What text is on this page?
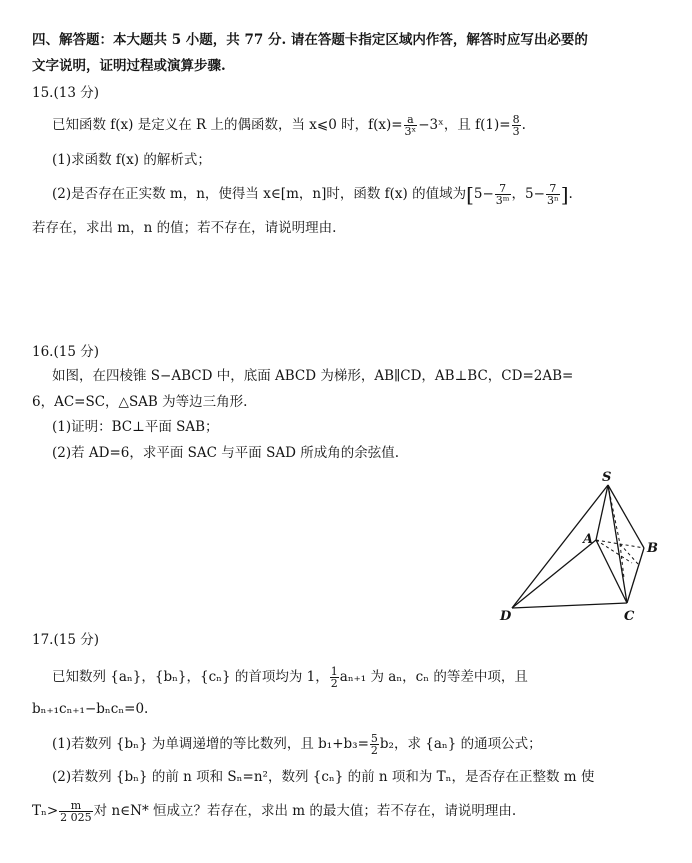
四、解答题：本大题共 5 小题，共 77 分. 请在答题卡指定区域内作答，解答时应写出必要的
文字说明，证明过程或演算步骤.
15.(13 分)
已知函数 f(x) 是定义在 R 上的偶函数，当 x⩽0 时，$f(x)= \frac{a}{\text{3ˣ}}$ −3ˣ，且 $f(1)= \frac{8}{3}$ .
(1)求函数 f(x) 的解析式；
(2)是否存在正实数 m，n，使得当 x∈[m，n]时，函数 f(x) 的值域为[$5- \frac{7}{\text{3ᵐ}}$ ，$5- \frac{7}{\text{3ⁿ}}$ ].
若存在，求出 m，n 的值；若不存在，请说明理由.
16.(15 分)
如图，在四棱锥 S−ABCD 中，底面 ABCD 为梯形，AB∥CD，AB⊥BC，CD=2AB=
6，AC=SC，△SAB 为等边三角形.
(1)证明：BC⊥平面 SAB；
(2)若 AD=6，求平面 SAC 与平面 SAD 所成角的余弦值.
S
A
B
C
D
17.(15 分)
已知数列 {aₙ}，{bₙ}，{cₙ} 的首项均为 1， $\frac{1}{2} a_{n+1}$ 为 aₙ，cₙ 的等差中项，且
bₙ₊₁cₙ₊₁−bₙcₙ=0.
(1)若数列 {bₙ} 为单调递增的等比数列，且 $b_1+b_3= \frac{5}{2} b_2$，求 {aₙ} 的通项公式；
(2)若数列 {bₙ} 的前 n 项和 Sₙ=n²，数列 {cₙ} 的前 n 项和为 Tₙ，是否存在正整数 m 使
$T_n> \frac{m}{2 025}$ 对 n∈N* 恒成立？若存在，求出 m 的最大值；若不存在，请说明理由.
